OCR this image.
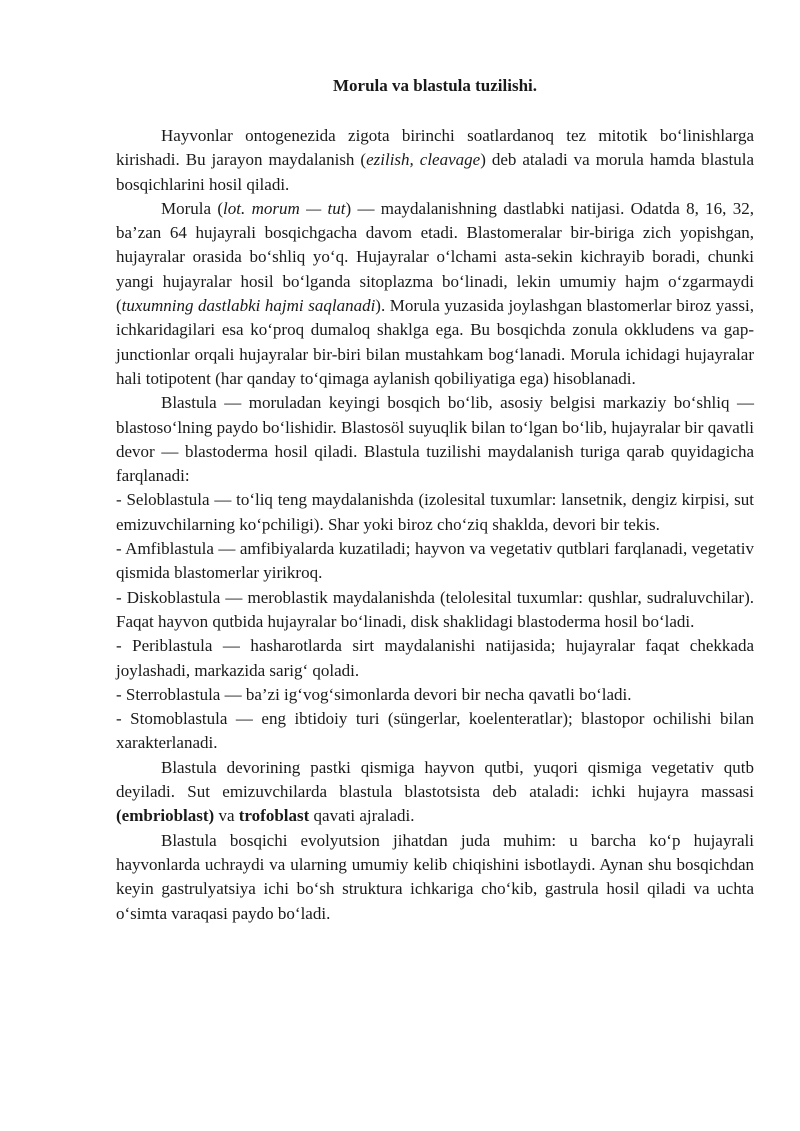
Morula va blastula tuzilishi.

Hayvonlar ontogenezida zigota birinchi soatlardanoq tez mitotik bo‘linishlarga kirishadi. Bu jarayon maydalanish (ezilish, cleavage) deb ataladi va morula hamda blastula bosqichlarini hosil qiladi.

Morula (lot. morum — tut) — maydalanishning dastlabki natijasi. Odatda 8, 16, 32, ba’zan 64 hujayrali bosqichgacha davom etadi. Blastomeralar bir-biriga zich yopishgan, hujayralar orasida bo‘shliq yo‘q. Hujayralar o‘lchami asta-sekin kichrayib boradi, chunki yangi hujayralar hosil bo‘lganda sitoplazma bo‘linadi, lekin umumiy hajm o‘zgarmaydi (tuxumning dastlabki hajmi saqlanadi). Morula yuzasida joylashgan blastomerlar biroz yassi, ichkaridagilari esa ko‘proq dumaloq shaklga ega. Bu bosqichda zonula okkludens va gap-junctionlar orqali hujayralar bir-biri bilan mustahkam bog‘lanadi. Morula ichidagi hujayralar hali totipotent (har qanday to‘qimaga aylanish qobiliyatiga ega) hisoblanadi.

Blastula — moruladan keyingi bosqich bo‘lib, asosiy belgisi markaziy bo‘shliq — blastoso‘lning paydo bo‘lishidir. Blastosöl suyuqlik bilan to‘lgan bo‘lib, hujayralar bir qavatli devor — blastoderma hosil qiladi. Blastula tuzilishi maydalanish turiga qarab quyidagicha farqlanadi:

- Seloblastula — to‘liq teng maydalanishda (izolesital tuxumlar: lansetnik, dengiz kirpisi, sut emizuvchilarning ko‘pchiligi). Shar yoki biroz cho‘ziq shaklda, devori bir tekis.

- Amfiblastula — amfibiyalarda kuzatiladi; hayvon va vegetativ qutblari farqlanadi, vegetativ qismida blastomerlar yirikroq.

- Diskoblastula — meroblastik maydalanishda (telolesital tuxumlar: qushlar, sudraluvchilar). Faqat hayvon qutbida hujayralar bo‘linadi, disk shaklidagi blastoderma hosil bo‘ladi.

- Periblastula — hasharotlarda sirt maydalanishi natijasida; hujayralar faqat chekkada joylashadi, markazida sarig‘ qoladi.

- Sterroblastula — ba’zi ig‘vog‘simonlarda devori bir necha qavatli bo‘ladi.

- Stomoblastula — eng ibtidoiy turi (süngerlar, koelenteratlar); blastopor ochilishi bilan xarakterlanadi.

Blastula devorining pastki qismiga hayvon qutbi, yuqori qismiga vegetativ qutb deyiladi. Sut emizuvchilarda blastula blastotsista deb ataladi: ichki hujayra massasi (embrioblast) va trofoblast qavati ajraladi.

Blastula bosqichi evolyutsion jihatdan juda muhim: u barcha ko‘p hujayrali hayvonlarda uchraydi va ularning umumiy kelib chiqishini isbotlaydi. Aynan shu bosqichdan keyin gastrulyatsiya ichi bo‘sh struktura ichkariga cho‘kib, gastrula hosil qiladi va uchta o‘simta varaqasi paydo bo‘ladi.
